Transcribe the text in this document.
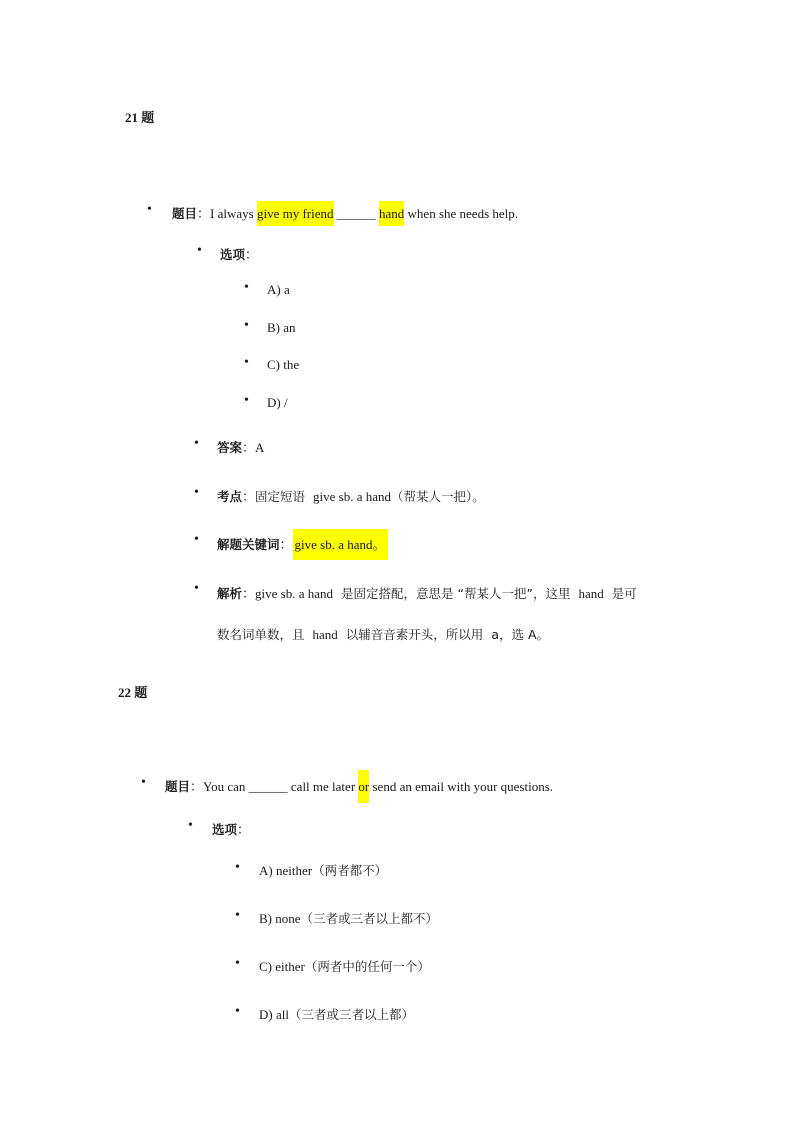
21 题
• 题目：I always give my friend ______ hand when she needs help.
• 选项：
• A) a
• B) an
• C) the
• D) /
• 答案：A
• 考点：固定短语 give sb. a hand（帮某人一把）。
• 解题关键词： give sb. a hand。
• 解析：give sb. a hand 是固定搭配，意思是 “帮某人一把”，这里 hand 是可
数名词单数，且 hand 以辅音音素开头，所以用 a，选 A。
22 题
• 题目：You can ______ call me later or send an email with your questions.
• 选项：
• A) neither（两者都不）
• B) none（三者或三者以上都不）
• C) either（两者中的任何一个）
• D) all（三者或三者以上都）
